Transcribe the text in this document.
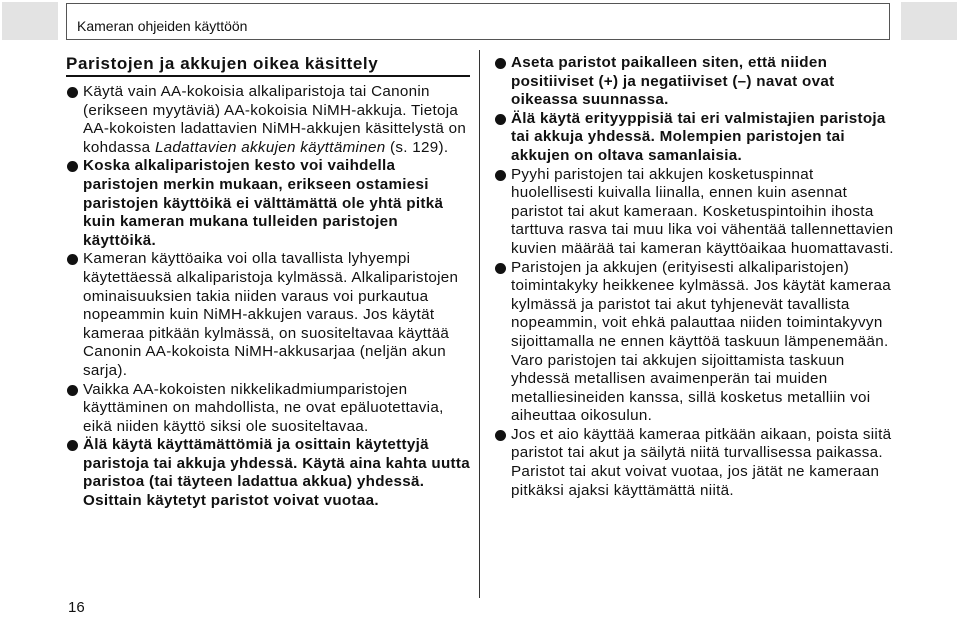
Kameran ohjeiden käyttöön
Paristojen ja akkujen oikea käsittely

Käytä vain AA-kokoisia alkaliparistoja tai Canonin (erikseen myytäviä) AA-kokoisia NiMH-akkuja. Tietoja AA-kokoisten ladattavien NiMH-akkujen käsittelystä on kohdassa Ladattavien akkujen käyttäminen (s. 129).

Koska alkaliparistojen kesto voi vaihdella paristojen merkin mukaan, erikseen ostamiesi paristojen käyttöikä ei välttämättä ole yhtä pitkä kuin kameran mukana tulleiden paristojen käyttöikä.

Kameran käyttöaika voi olla tavallista lyhyempi käytettäessä alkaliparistoja kylmässä. Alkaliparistojen ominaisuuksien takia niiden varaus voi purkautua nopeammin kuin NiMH-akkujen varaus. Jos käytät kameraa pitkään kylmässä, on suositeltavaa käyttää Canonin AA-kokoista NiMH-akkusarjaa (neljän akun sarja).

Vaikka AA-kokoisten nikkelikadmiumparistojen käyttäminen on mahdollista, ne ovat epäluotettavia, eikä niiden käyttö siksi ole suositeltavaa.

Älä käytä käyttämättömiä ja osittain käytettyjä paristoja tai akkuja yhdessä. Käytä aina kahta uutta paristoa (tai täyteen ladattua akkua) yhdessä. Osittain käytetyt paristot voivat vuotaa.

Aseta paristot paikalleen siten, että niiden positiiviset (+) ja negatiiviset (–) navat ovat oikeassa suunnassa.

Älä käytä erityyppisiä tai eri valmistajien paristoja tai akkuja yhdessä. Molempien paristojen tai akkujen on oltava samanlaisia.

Pyyhi paristojen tai akkujen kosketuspinnat huolellisesti kuivalla liinalla, ennen kuin asennat paristot tai akut kameraan. Kosketuspintoihin ihosta tarttuva rasva tai muu lika voi vähentää tallennettavien kuvien määrää tai kameran käyttöaikaa huomattavasti.

Paristojen ja akkujen (erityisesti alkaliparistojen) toimintakyky heikkenee kylmässä. Jos käytät kameraa kylmässä ja paristot tai akut tyhjenevät tavallista nopeammin, voit ehkä palauttaa niiden toimintakyvyn sijoittamalla ne ennen käyttöä taskuun lämpenemään. Varo paristojen tai akkujen sijoittamista taskuun yhdessä metallisen avaimenperän tai muiden metalliesineiden kanssa, sillä kosketus metalliin voi aiheuttaa oikosulun.

Jos et aio käyttää kameraa pitkään aikaan, poista siitä paristot tai akut ja säilytä niitä turvallisessa paikassa. Paristot tai akut voivat vuotaa, jos jätät ne kameraan pitkäksi ajaksi käyttämättä niitä.

16
